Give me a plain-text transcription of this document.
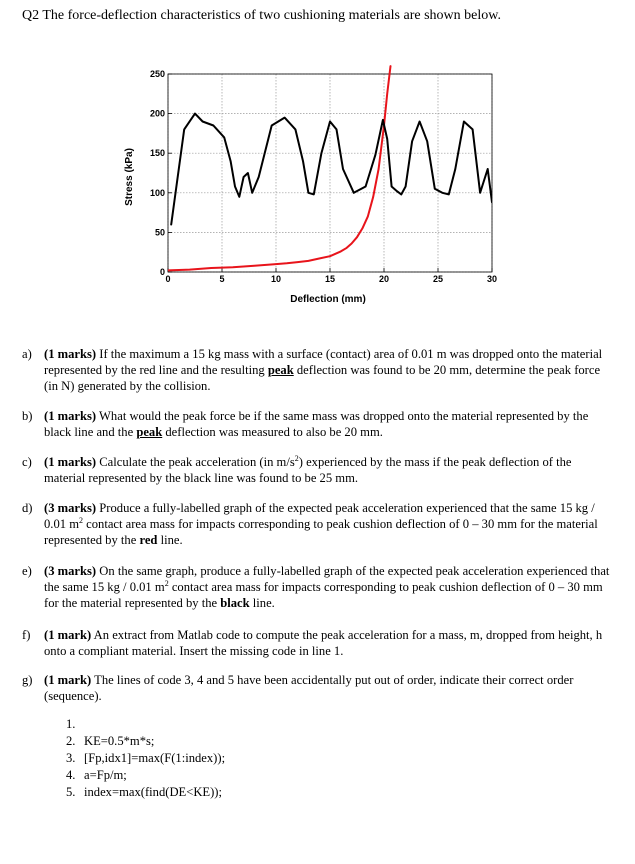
Q2 The force-deflection characteristics of two cushioning materials are shown below.
0	5	10	15	20	25	30
0
50
100
150
200
250
Deflection (mm)
Stress (kPa)
a) (1 marks) If the maximum a 15 kg mass with a surface (contact) area of 0.01 m was dropped onto the material represented by the red line and the resulting peak deflection was found to be 20 mm, determine the peak force (in N) generated by the collision.
b) (1 marks) What would the peak force be if the same mass was dropped onto the material represented by the black line and the peak deflection was measured to also be 20 mm.
c) (1 marks) Calculate the peak acceleration (in $m/s^2$) experienced by the mass if the peak deflection of the material represented by the black line was found to be 25 mm.
d) (3 marks) Produce a fully-labelled graph of the expected peak acceleration experienced that the same 15 kg / 0.01 $m^2$ contact area mass for impacts corresponding to peak cushion deflection of 0 – 30 mm for the material represented by the red line.
e) (3 marks) On the same graph, produce a fully-labelled graph of the expected peak acceleration experienced that the same 15 kg / 0.01 $m^2$ contact area mass for impacts corresponding to peak cushion deflection of 0 – 30 mm for the material represented by the black line.
f) (1 mark) An extract from Matlab code to compute the peak acceleration for a mass, m, dropped from height, h onto a compliant material. Insert the missing code in line 1.
g) (1 mark) The lines of code 3, 4 and 5 have been accidentally put out of order, indicate their correct order (sequence).
1.
2. KE=0.5*m*s;
3. [Fp,idx1]=max(F(1:index));
4. a=Fp/m;
5. index=max(find(DE<KE));
